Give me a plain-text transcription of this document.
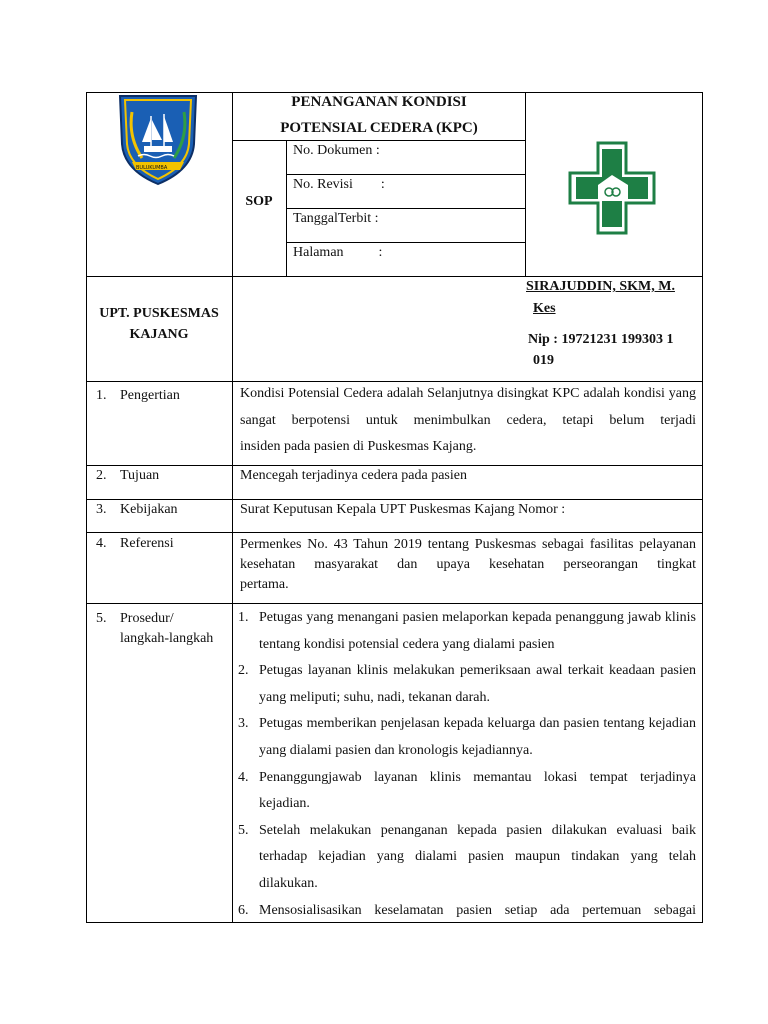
BULUKUMBA
PENANGANAN KONDISI
POTENSIAL CEDERA (KPC)
SOP
No. Dokumen :
No. Revisi        :
TanggalTerbit :
Halaman          :
UPT. PUSKESMAS
KAJANG
SIRAJUDDIN, SKM, M.
Kes
Nip : 19721231 199303 1
019
1. Pengertian	Kondisi Potensial Cedera adalah Selanjutnya disingkat KPC adalah kondisi yang sangat berpotensi untuk menimbulkan cedera, tetapi belum terjadi

insiden pada pasien di Puskesmas Kajang.

2. Tujuan	Mencegah terjadinya cedera pada pasien
3. Kebijakan	Surat Keputusan Kepala UPT Puskesmas Kajang Nomor :
4. Referensi	Permenkes No. 43 Tahun 2019 tentang Puskesmas sebagai fasilitas pelayanan kesehatan masyarakat dan upaya kesehatan perseorangan tingkat

pertama.

5. Prosedur/
langkah-langkah
1. Petugas yang menangani pasien melaporkan kepada penanggung jawab klinis tentang kondisi potensial cedera yang dialami pasien
2. Petugas layanan klinis melakukan pemeriksaan awal terkait keadaan pasien yang meliputi; suhu, nadi, tekanan darah.
3. Petugas memberikan penjelasan kepada keluarga dan pasien tentang kejadian yang dialami pasien dan kronologis kejadiannya.
4. Penanggungjawab layanan klinis memantau lokasi tempat terjadinya kejadian.
5. Setelah melakukan penanganan kepada pasien dilakukan evaluasi baik terhadap kejadian yang dialami pasien maupun tindakan yang telah dilakukan.
6. Mensosialisasikan keselamatan pasien setiap ada pertemuan sebagai
